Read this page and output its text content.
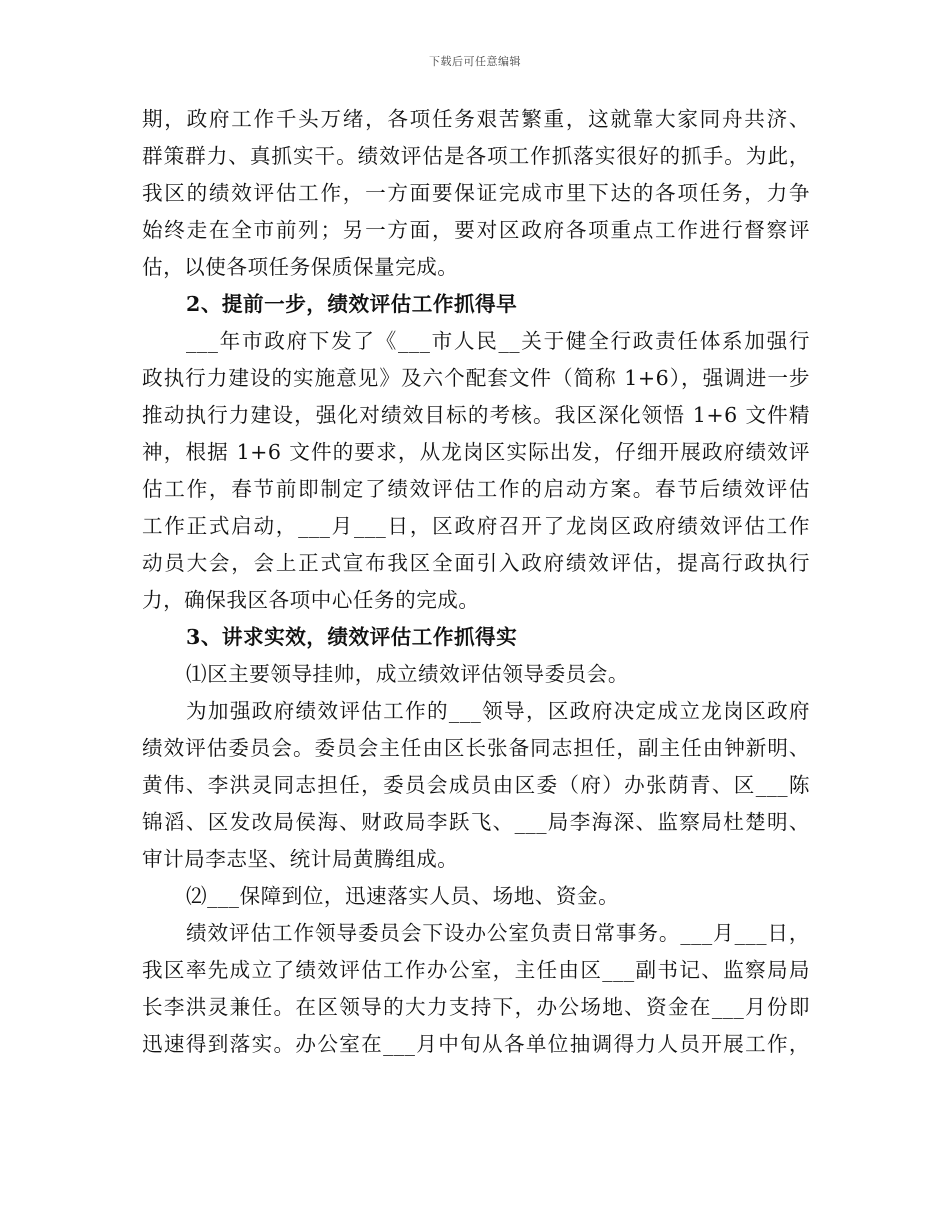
下载后可任意编辑
期，政府工作千头万绪，各项任务艰苦繁重，这就靠大家同舟共济、
群策群力、真抓实干。绩效评估是各项工作抓落实很好的抓手。为此，
我区的绩效评估工作，一方面要保证完成市里下达的各项任务，力争
始终走在全市前列；另一方面，要对区政府各项重点工作进行督察评
估，以使各项任务保质保量完成。
2、提前一步，绩效评估工作抓得早
___年市政府下发了《___市人民__关于健全行政责任体系加强行
政执行力建设的实施意见》及六个配套文件（简称 1+6），强调进一步
推动执行力建设，强化对绩效目标的考核。我区深化领悟 1+6 文件精
神，根据 1+6 文件的要求，从龙岗区实际出发，仔细开展政府绩效评
估工作，春节前即制定了绩效评估工作的启动方案。春节后绩效评估
工作正式启动，___月___日，区政府召开了龙岗区政府绩效评估工作
动员大会，会上正式宣布我区全面引入政府绩效评估，提高行政执行
力，确保我区各项中心任务的完成。
3、讲求实效，绩效评估工作抓得实
⑴区主要领导挂帅，成立绩效评估领导委员会。
为加强政府绩效评估工作的___领导，区政府决定成立龙岗区政府
绩效评估委员会。委员会主任由区长张备同志担任，副主任由钟新明、
黄伟、李洪灵同志担任，委员会成员由区委（府）办张荫青、区___陈
锦滔、区发改局侯海、财政局李跃飞、___局李海深、监察局杜楚明、
审计局李志坚、统计局黄腾组成。
⑵___保障到位，迅速落实人员、场地、资金。
绩效评估工作领导委员会下设办公室负责日常事务。___月___日，
我区率先成立了绩效评估工作办公室，主任由区___副书记、监察局局
长李洪灵兼任。在区领导的大力支持下，办公场地、资金在___月份即
迅速得到落实。办公室在___月中旬从各单位抽调得力人员开展工作，
